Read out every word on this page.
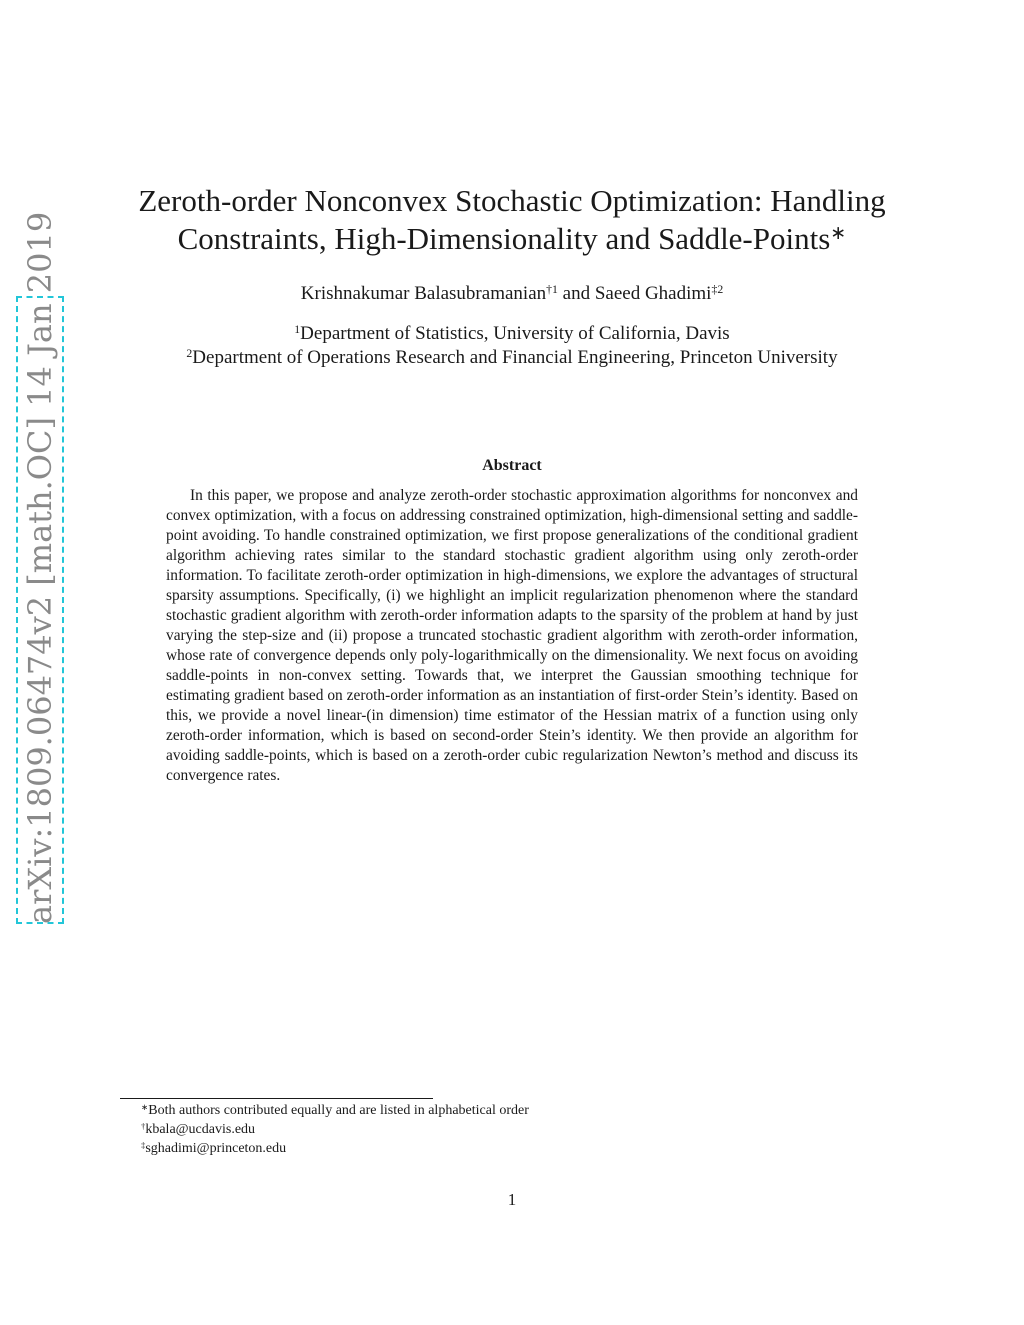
arXiv:1809.06474v2 [math.OC] 14 Jan 2019
Zeroth-order Nonconvex Stochastic Optimization: Handling
Constraints, High-Dimensionality and Saddle-Points∗
Krishnakumar Balasubramanian$^{\dagger 1}$ and Saeed Ghadimi$^{\ddagger 2}$
$^1$Department of Statistics, University of California, Davis
$^2$Department of Operations Research and Financial Engineering, Princeton University
Abstract

In this paper, we propose and analyze zeroth-order stochastic approximation algorithms for nonconvex and convex optimization, with a focus on addressing constrained optimization, high-dimensional setting and saddle-point avoiding. To handle constrained optimization, we first propose generalizations of the conditional gradient algorithm achieving rates similar to the standard stochastic gradient algorithm using only zeroth-order information. To facilitate zeroth-order optimization in high-dimensions, we explore the advantages of structural sparsity assumptions. Specifically, (i) we highlight an implicit regularization phenomenon where the standard stochastic gradient algorithm with zeroth-order information adapts to the sparsity of the problem at hand by just varying the step-size and (ii) propose a truncated stochastic gradient algorithm with zeroth-order information, whose rate of convergence depends only poly-logarithmically on the dimensionality. We next focus on avoiding saddle-points in non-convex setting. Towards that, we interpret the Gaussian smoothing technique for estimating gradient based on zeroth-order information as an instantiation of first-order Stein’s identity. Based on this, we provide a novel linear-(in dimension) time estimator of the Hessian matrix of a function using only zeroth-order information, which is based on second-order Stein’s identity. We then provide an algorithm for avoiding saddle-points, which is based on a zeroth-order cubic regularization Newton’s method and discuss its convergence rates.

∗Both authors contributed equally and are listed in alphabetical order
†kbala@ucdavis.edu
‡sghadimi@princeton.edu
1
